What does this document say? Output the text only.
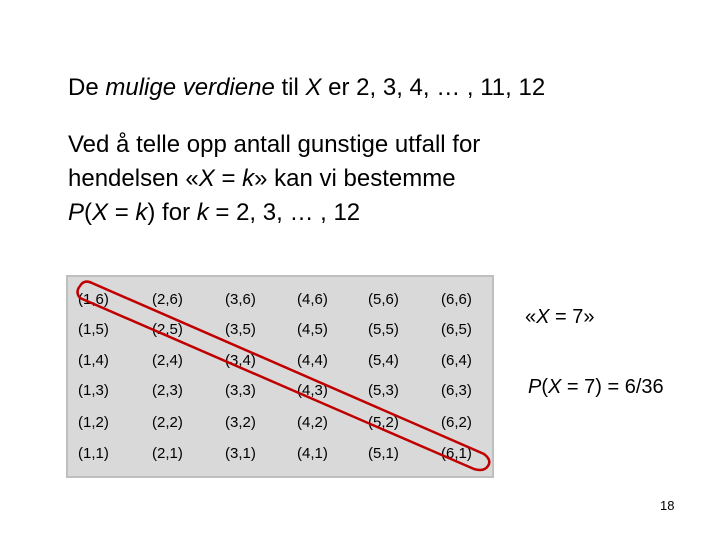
De mulige verdiene til X er 2, 3, 4, … , 11, 12
Ved å telle opp antall gunstige utfall for
hendelsen «X = k» kan vi bestemme
P(X = k) for k = 2, 3, … , 12
(1,6)	(2,6)	(3,6)	(4,6)	(5,6)	(6,6)
(1,5)	(2,5)	(3,5)	(4,5)	(5,5)	(6,5)
(1,4)	(2,4)	(3,4)	(4,4)	(5,4)	(6,4)
(1,3)	(2,3)	(3,3)	(4,3)	(5,3)	(6,3)
(1,2)	(2,2)	(3,2)	(4,2)	(5,2)	(6,2)
(1,1)	(2,1)	(3,1)	(4,1)	(5,1)	(6,1)
«X = 7»
P(X = 7) = 6/36
18
